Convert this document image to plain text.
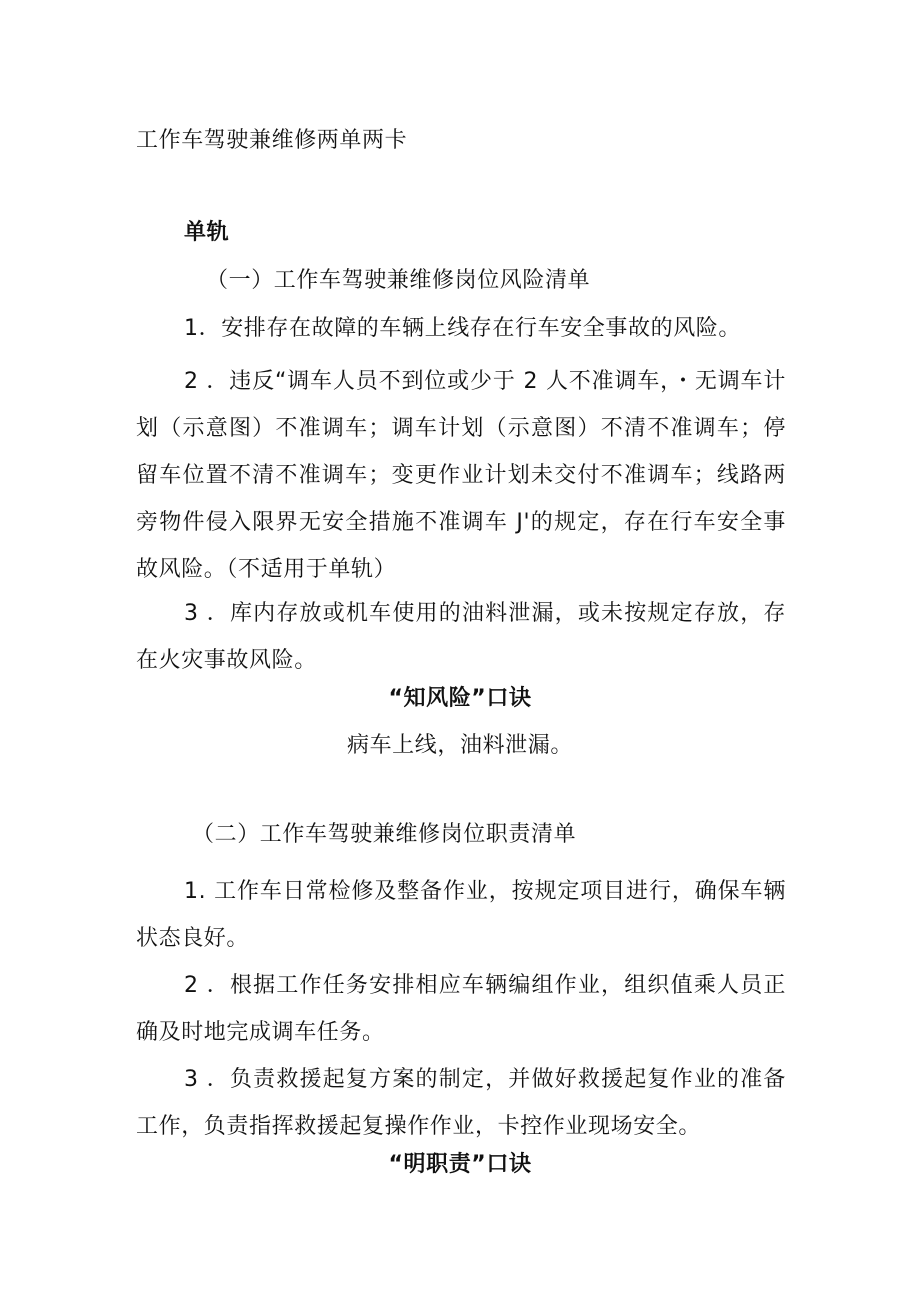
工作车驾驶兼维修两单两卡
单轨
（一）工作车驾驶兼维修岗位风险清单
1．安排存在故障的车辆上线存在行车安全事故的风险。
2 ．违反“调车人员不到位或少于 2 人不准调车，・无调车计划（示意图）不准调车；调车计划（示意图）不清不准调车；停留车位置不清不准调车；变更作业计划未交付不准调车；线路两旁物件侵入限界无安全措施不准调车 J'的规定，存在行车安全事故风险。（不适用于单轨）
3 ．库内存放或机车使用的油料泄漏，或未按规定存放，存在火灾事故风险。
“知风险”口诀
病车上线，油料泄漏。
（二）工作车驾驶兼维修岗位职责清单
1. 工作车日常检修及整备作业，按规定项目进行，确保车辆状态良好。
2 ．根据工作任务安排相应车辆编组作业，组织值乘人员正确及时地完成调车任务。
3 ．负责救援起复方案的制定，并做好救援起复作业的准备工作，负责指挥救援起复操作作业，卡控作业现场安全。
“明职责”口诀
